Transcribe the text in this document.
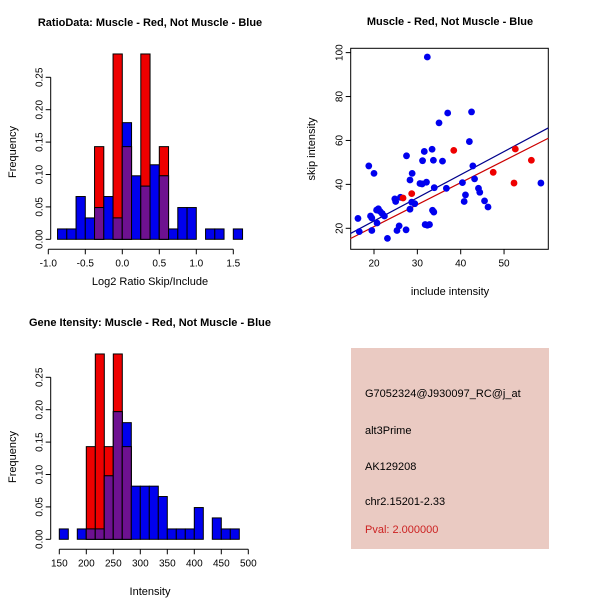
RatioData: Muscle - Red, Not Muscle - Blue
Frequency
-1.0 -0.5 0.0 0.5 1.0 1.5
0.00
0.05
0.10
0.15
0.20
0.25
Log2 Ratio Skip/Include
Muscle - Red, Not Muscle - Blue
skip intensity
20	30	40	50
20
40
60
80
100
include intensity
Gene Itensity: Muscle - Red, Not Muscle - Blue
Frequency
150 200 250 300 350 400 450 500
0.00
0.05
0.10
0.15
0.20
0.25
Intensity
G7052324@J930097_RC@j_at
alt3Prime
AK129208
chr2.15201-2.33
Pval: 2.000000
